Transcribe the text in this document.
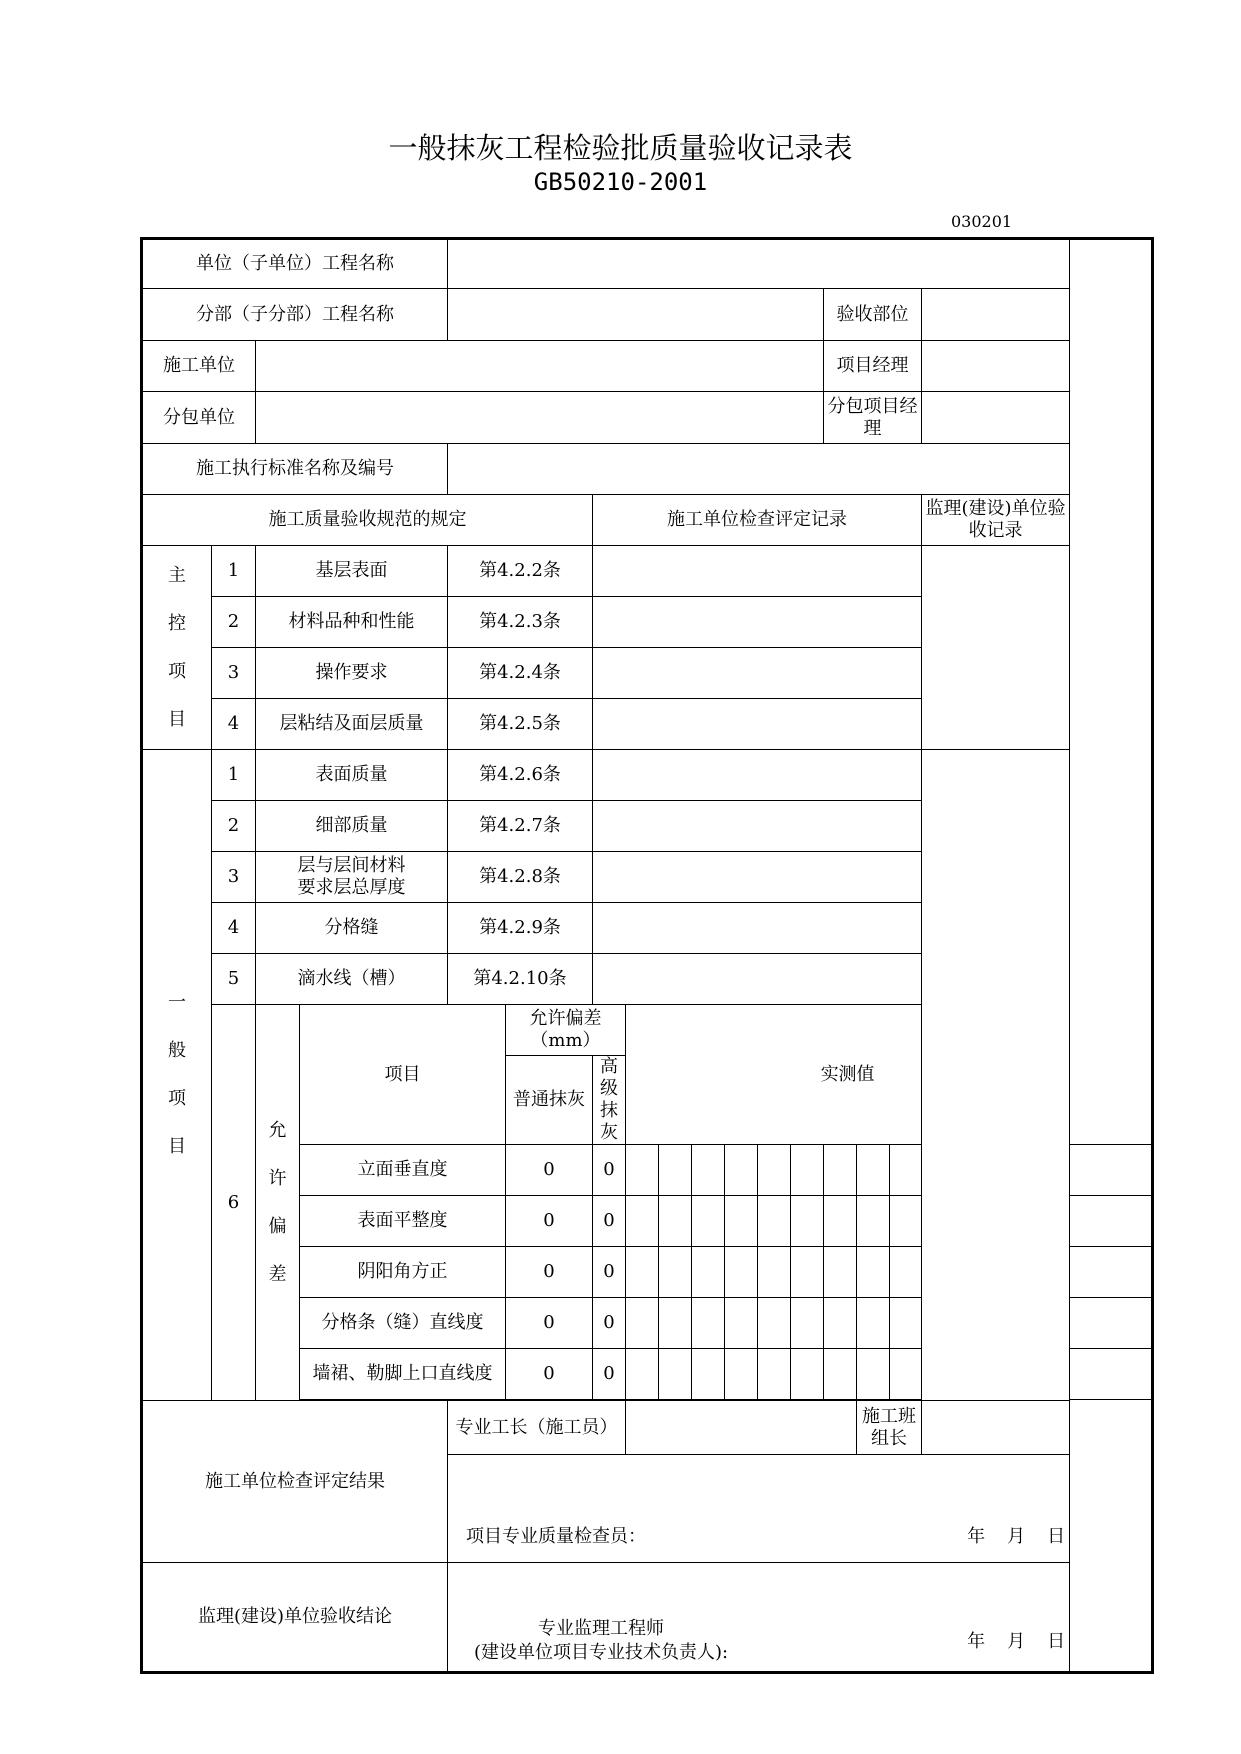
一般抹灰工程检验批质量验收记录表
GB50210-2001
030201
单位（子单位）工程名称																	
分部（子分部）工程名称													验收部位				
施工单位													项目经理				
分包单位													分包项目经理				
施工执行标准名称及编号																	
施工质量验收规范的规定						施工单位检查评定记录										监理(建设)单位验收记录	

主
控
项
目	1	基层表面		第4.2.2条													
	2	材料品种和性能		第4.2.3条													
	3	操作要求		第4.2.4条													
	4	层粘结及面层质量		第4.2.5条													

一
般
项
目	1	表面质量		第4.2.6条													
	2	细部质量		第4.2.7条													
	3	层与层间材料
要求层总厚度		第4.2.8条													
	4	分格缝		第4.2.9条													
	5	滴水线（槽）		第4.2.10条													
	6	允
许
偏
差	项目		允许偏差（mm）		实测值										
					普通抹灰	高级抹灰											
			立面垂直度		0	0											
			表面平整度		0	0											
			阴阳角方正		0	0											
			分格条（缝）直线度		0	0											
			墙裙、勒脚上口直线度		0	0											

施工单位检查评定结果				专业工长（施工员）										施工班组长			

				项目专业质量检查员： 年 月 日													

监理(建设)单位验收结论				专业监理工程师
(建设单位项目专业技术负责人):
年 月 日													
